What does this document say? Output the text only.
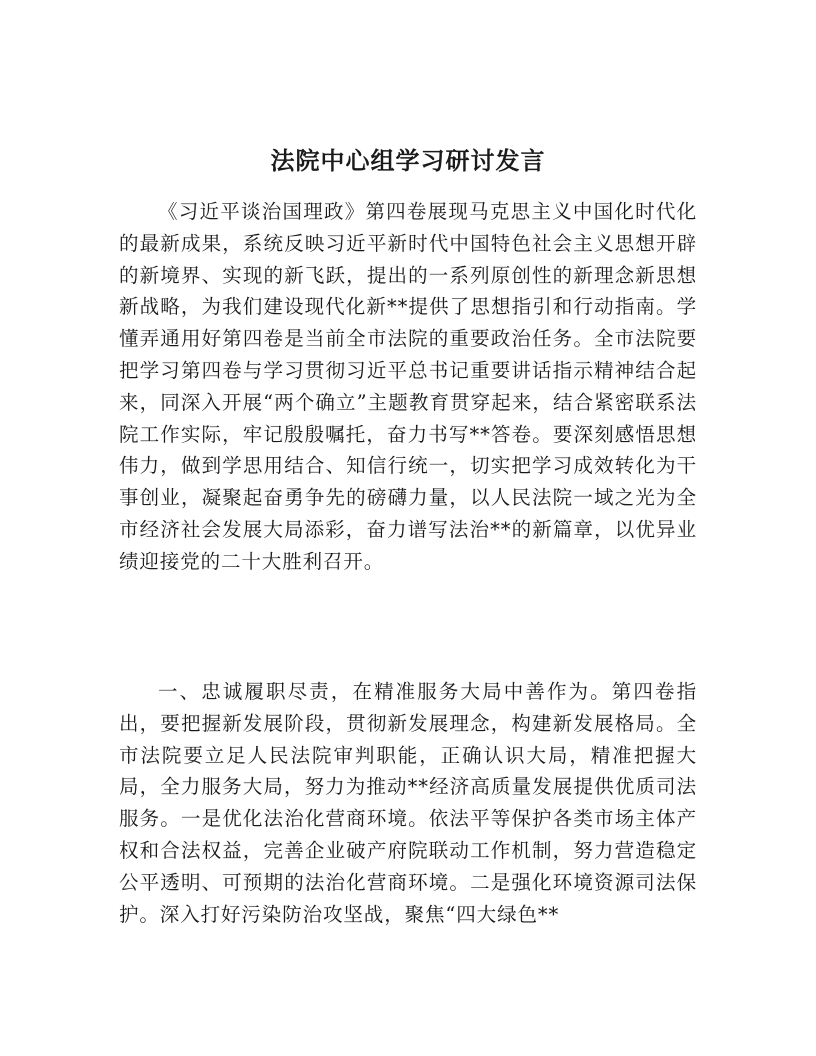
法院中心组学习研讨发言

《习近平谈治国理政》第四卷展现马克思主义中国化时代化的最新成果，系统反映习近平新时代中国特色社会主义思想开辟的新境界、实现的新飞跃，提出的一系列原创性的新理念新思想新战略，为我们建设现代化新**提供了思想指引和行动指南。学懂弄通用好第四卷是当前全市法院的重要政治任务。全市法院要把学习第四卷与学习贯彻习近平总书记重要讲话指示精神结合起来，同深入开展“两个确立”主题教育贯穿起来，结合紧密联系法院工作实际，牢记殷殷嘱托，奋力书写**答卷。要深刻感悟思想伟力，做到学思用结合、知信行统一，切实把学习成效转化为干事创业，凝聚起奋勇争先的磅礴力量，以人民法院一域之光为全市经济社会发展大局添彩，奋力谱写法治**的新篇章，以优异业绩迎接党的二十大胜利召开。

一、忠诚履职尽责，在精准服务大局中善作为。第四卷指出，要把握新发展阶段，贯彻新发展理念，构建新发展格局。全市法院要立足人民法院审判职能，正确认识大局，精准把握大局，全力服务大局，努力为推动**经济高质量发展提供优质司法服务。一是优化法治化营商环境。依法平等保护各类市场主体产权和合法权益，完善企业破产府院联动工作机制，努力营造稳定公平透明、可预期的法治化营商环境。二是强化环境资源司法保护。深入打好污染防治攻坚战，聚焦“四大绿色**
